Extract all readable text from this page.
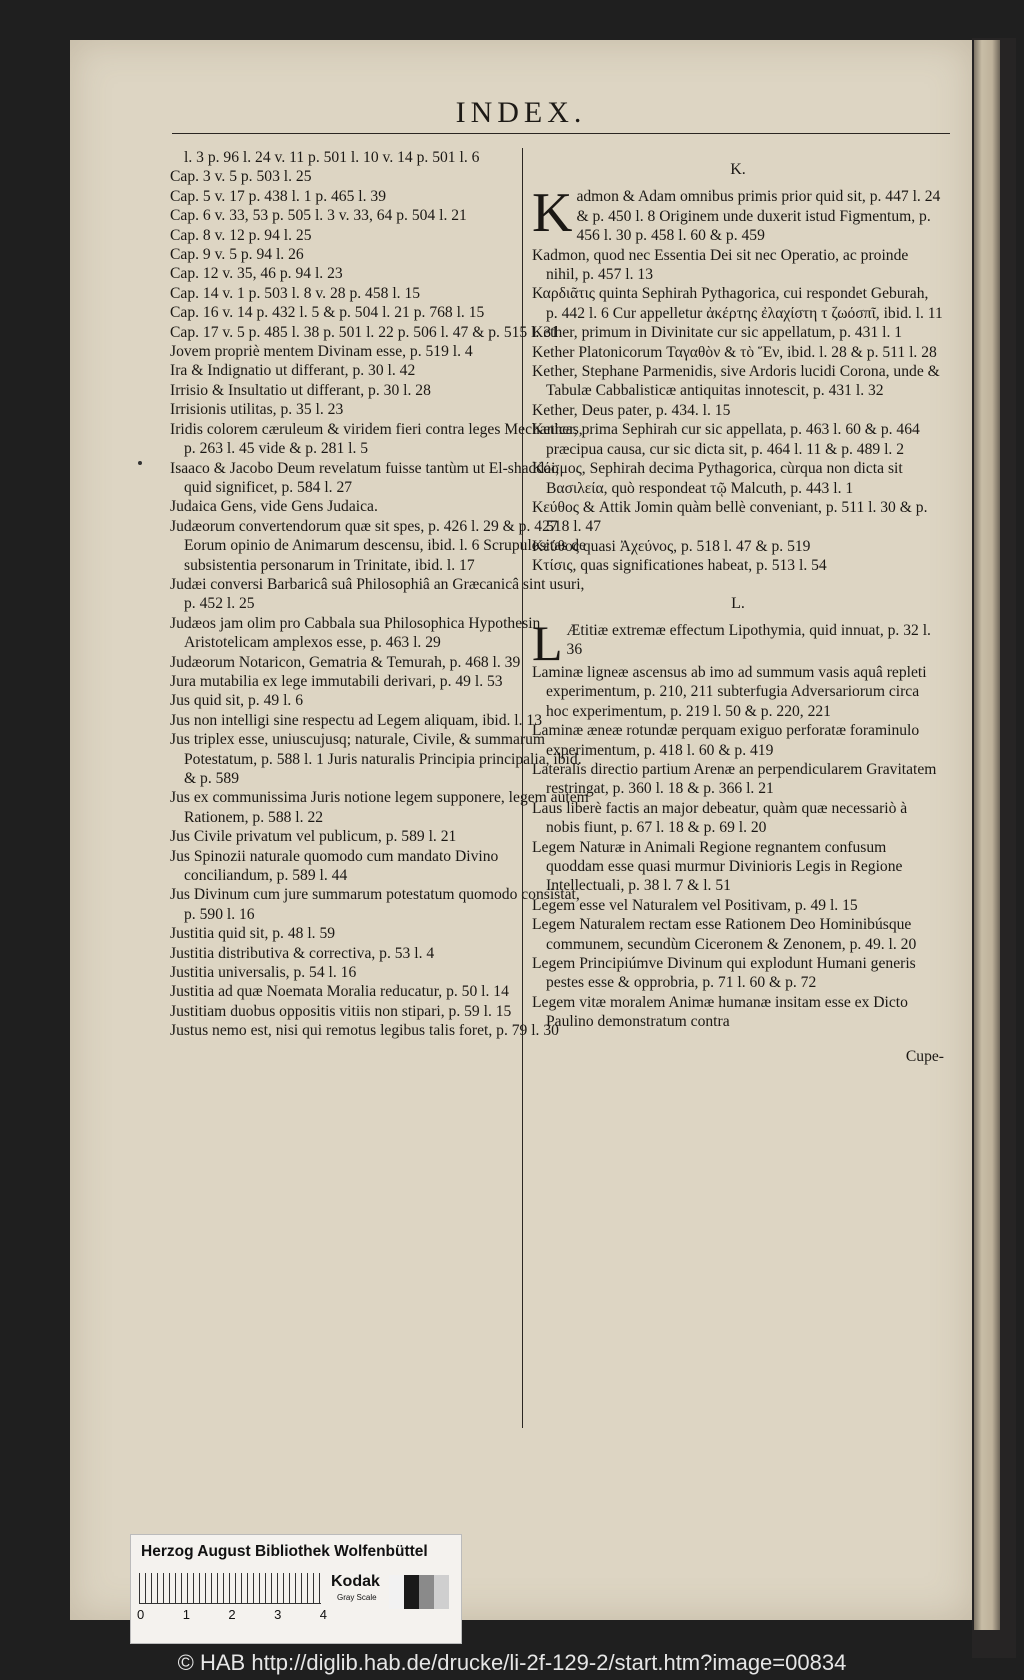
INDEX.

l. 3 p. 96 l. 24 v. 11 p. 501 l. 10 v. 14 p. 501 l. 6

Cap. 3 v. 5 p. 503 l. 25

Cap. 5 v. 17 p. 438 l. 1 p. 465 l. 39

Cap. 6 v. 33, 53 p. 505 l. 3 v. 33, 64 p. 504 l. 21

Cap. 8 v. 12 p. 94 l. 25

Cap. 9 v. 5 p. 94 l. 26

Cap. 12 v. 35, 46 p. 94 l. 23

Cap. 14 v. 1 p. 503 l. 8 v. 28 p. 458 l. 15

Cap. 16 v. 14 p. 432 l. 5 & p. 504 l. 21 p. 768 l. 15

Cap. 17 v. 5 p. 485 l. 38 p. 501 l. 22 p. 506 l. 47 & p. 515 l. 31

Jovem propriè mentem Divinam esse, p. 519 l. 4

Ira & Indignatio ut differant, p. 30 l. 42

Irrisio & Insultatio ut differant, p. 30 l. 28

Irrisionis utilitas, p. 35 l. 23

Iridis colorem cæruleum & viridem fieri contra leges Mechanicas, p. 263 l. 45 vide & p. 281 l. 5

Isaaco & Jacobo Deum revelatum fuisse tantùm ut El-shaddai, quid significet, p. 584 l. 27

Judaica Gens, vide Gens Judaica.

Judæorum convertendorum quæ sit spes, p. 426 l. 29 & p. 427 Eorum opinio de Animarum descensu, ibid. l. 6 Scrupulositas de subsistentia personarum in Trinitate, ibid. l. 17

Judæi conversi Barbaricâ suâ Philosophiâ an Græcanicâ sint usuri, p. 452 l. 25

Judæos jam olim pro Cabbala sua Philosophica Hypothesin Aristotelicam amplexos esse, p. 463 l. 29

Judæorum Notaricon, Gematria & Temurah, p. 468 l. 39

Jura mutabilia ex lege immutabili derivari, p. 49 l. 53

Jus quid sit, p. 49 l. 6

Jus non intelligi sine respectu ad Legem aliquam, ibid. l. 13

Jus triplex esse, uniuscujusq; naturale, Civile, & summarum Potestatum, p. 588 l. 1 Juris naturalis Principia principalia, ibid. & p. 589

Jus ex communissima Juris notione legem supponere, legem autem Rationem, p. 588 l. 22

Jus Civile privatum vel publicum, p. 589 l. 21

Jus Spinozii naturale quomodo cum mandato Divino conciliandum, p. 589 l. 44

Jus Divinum cum jure summarum potestatum quomodo consistat, p. 590 l. 16

Justitia quid sit, p. 48 l. 59

Justitia distributiva & correctiva, p. 53 l. 4

Justitia universalis, p. 54 l. 16

Justitia ad quæ Noemata Moralia reducatur, p. 50 l. 14

Justitiam duobus oppositis vitiis non stipari, p. 59 l. 15

Justus nemo est, nisi qui remotus legibus talis foret, p. 79 l. 30

K.

Kadmon & Adam omnibus primis prior quid sit, p. 447 l. 24 & p. 450 l. 8 Originem unde duxerit istud Figmentum, p. 456 l. 30 p. 458 l. 60 & p. 459

Kadmon, quod nec Essentia Dei sit nec Operatio, ac proinde nihil, p. 457 l. 13

Καρδιᾶτις quinta Sephirah Pythagorica, cui respondet Geburah, p. 442 l. 6 Cur appelletur ἀκέρτης ἐλαχίστη τ ζωόσπῖ, ibid. l. 11

Kether, primum in Divinitate cur sic appellatum, p. 431 l. 1

Kether Platonicorum Ταγαθὸν & τὸ Ἕν, ibid. l. 28 & p. 511 l. 28

Kether, Stephane Parmenidis, sive Ardoris lucidi Corona, unde & Tabulæ Cabbalisticæ antiquitas innotescit, p. 431 l. 32

Kether, Deus pater, p. 434. l. 15

Kether, prima Sephirah cur sic appellata, p. 463 l. 60 & p. 464 præcipua causa, cur sic dicta sit, p. 464 l. 11 & p. 489 l. 2

Κόσμος, Sephirah decima Pythagorica, cùrqua non dicta sit Βασιλεία, quò respondeat τῷ Malcuth, p. 443 l. 1

Κεύθος & Attik Jomin quàm bellè conveniant, p. 511 l. 30 & p. 518 l. 47

Κεύθος quasi Ἀχεύνος, p. 518 l. 47 & p. 519

Κτίσις, quas significationes habeat, p. 513 l. 54

L.

L Ætitiæ extremæ effectum Lipothymia, quid innuat, p. 32 l. 36

Laminæ ligneæ ascensus ab imo ad summum vasis aquâ repleti experimentum, p. 210, 211 subterfugia Adversariorum circa hoc experimentum, p. 219 l. 50 & p. 220, 221

Laminæ æneæ rotundæ perquam exiguo perforatæ foraminulo experimentum, p. 418 l. 60 & p. 419

Lateralis directio partium Arenæ an perpendicularem Gravitatem restringat, p. 360 l. 18 & p. 366 l. 21

Laus liberè factis an major debeatur, quàm quæ necessariò à nobis fiunt, p. 67 l. 18 & p. 69 l. 20

Legem Naturæ in Animali Regione regnantem confusum quoddam esse quasi murmur Divinioris Legis in Regione Intellectuali, p. 38 l. 7 & l. 51

Legem esse vel Naturalem vel Positivam, p. 49 l. 15

Legem Naturalem rectam esse Rationem Deo Hominibúsque communem, secundùm Ciceronem & Zenonem, p. 49. l. 20

Legem Principiúmve Divinum qui explodunt Humani generis pestes esse & opprobria, p. 71 l. 60 & p. 72

Legem vitæ moralem Animæ humanæ insitam esse ex Dicto Paulino demonstratum contra

Cupe-

Herzog August Bibliothek Wolfenbüttel
0	1	2	3	4
Kodak
Gray Scale
© HAB http://diglib.hab.de/drucke/li-2f-129-2/start.htm?image=00834
